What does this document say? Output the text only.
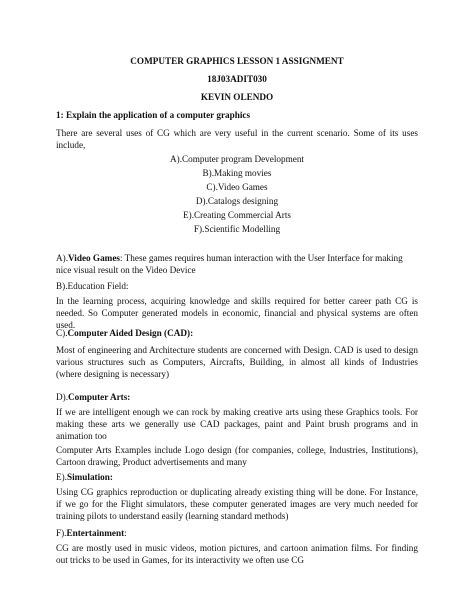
COMPUTER GRAPHICS LESSON 1 ASSIGNMENT
18J03ADIT030
KEVIN OLENDO
1: Explain the application of a computer graphics
There are several uses of CG which are very useful in the current scenario. Some of its uses
include,
A).Computer program Development
B).Making movies
C).Video Games
D).Catalogs designing
E).Creating Commercial Arts
F).Scientific Modelling
A).Video Games: These games requires human interaction with the User Interface for making
nice visual result on the Video Device
B).Education Field:
In the learning process, acquiring knowledge and skills required for better career path CG is
needed. So Computer generated models in economic, financial and physical systems are often
used.
C).Computer Aided Design (CAD):
Most of engineering and Architecture students are concerned with Design. CAD is used to design
various structures such as Computers, Aircrafts, Building, in almost all kinds of Industries
(where designing is necessary)
D).Computer Arts:
If we are intelligent enough we can rock by making creative arts using these Graphics tools. For
making these arts we generally use CAD packages, paint and Paint brush programs and in
animation too
Computer Arts Examples include Logo design (for companies, college, Industries, Institutions),
Cartoon drawing, Product advertisements and many
E).Simulation:
Using CG graphics reproduction or duplicating already existing thing will be done. For Instance,
if we go for the Flight simulators, these computer generated images are very much needed for
training pilots to understand easily (learning standard methods)
F).Entertainment:
CG are mostly used in music videos, motion pictures, and cartoon animation films. For finding
out tricks to be used in Games, for its interactivity we often use CG
